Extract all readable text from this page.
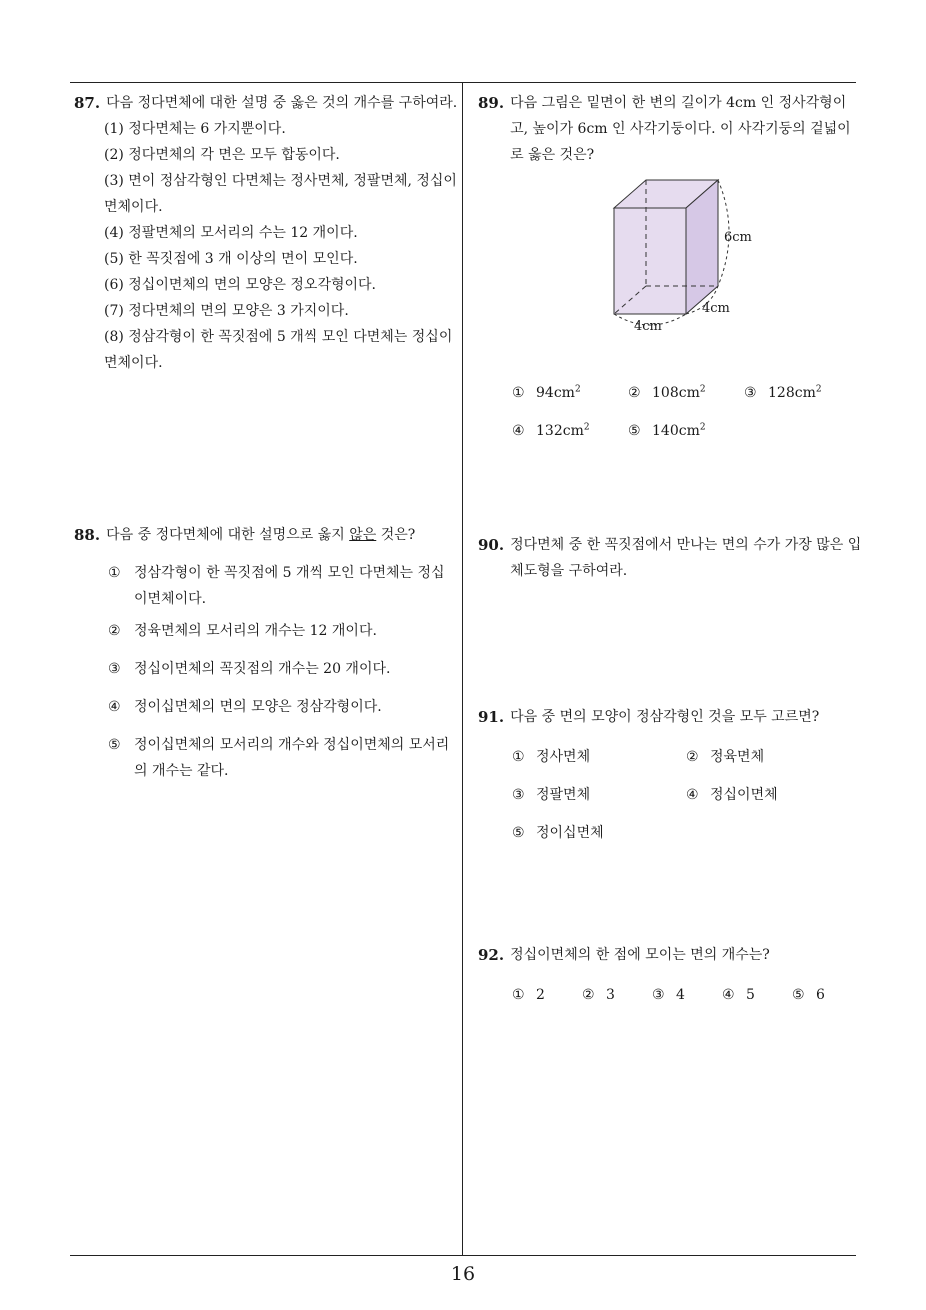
87. 다음 정다면체에 대한 설명 중 옳은 것의 개수를 구하여라.
(1) 정다면체는 6 가지뿐이다.
(2) 정다면체의 각 면은 모두 합동이다.
(3) 면이 정삼각형인 다면체는 정사면체, 정팔면체, 정십이면체이다.
(4) 정팔면체의 모서리의 수는 12 개이다.
(5) 한 꼭짓점에 3 개 이상의 면이 모인다.
(6) 정십이면체의 면의 모양은 정오각형이다.
(7) 정다면체의 면의 모양은 3 가지이다.
(8) 정삼각형이 한 꼭짓점에 5 개씩 모인 다면체는 정십이면체이다.
88. 다음 중 정다면체에 대한 설명으로 옳지 않은 것은?
① 정삼각형이 한 꼭짓점에 5 개씩 모인 다면체는 정십이면체이다.
② 정육면체의 모서리의 개수는 12 개이다.
③ 정십이면체의 꼭짓점의 개수는 20 개이다.
④ 정이십면체의 면의 모양은 정삼각형이다.
⑤ 정이십면체의 모서리의 개수와 정십이면체의 모서리의 개수는 같다.
89. 다음 그림은 밑면이 한 변의 길이가 4cm 인 정사각형이고, 높이가 6cm 인 사각기둥이다. 이 사각기둥의 겉넓이로 옳은 것은?
6cm
4cm
4cm
① $94cm^2$	② $108cm^2$	③ $128cm^2$
④ $132cm^2$	⑤ $140cm^2$
90. 정다면체 중 한 꼭짓점에서 만나는 면의 수가 가장 많은 입체도형을 구하여라.
91. 다음 중 면의 모양이 정삼각형인 것을 모두 고르면?
① 정사면체	② 정육면체
③ 정팔면체	④ 정십이면체
⑤ 정이십면체
92. 정십이면체의 한 점에 모이는 면의 개수는?
① 2	② 3	③ 4	④ 5	⑤ 6
16
